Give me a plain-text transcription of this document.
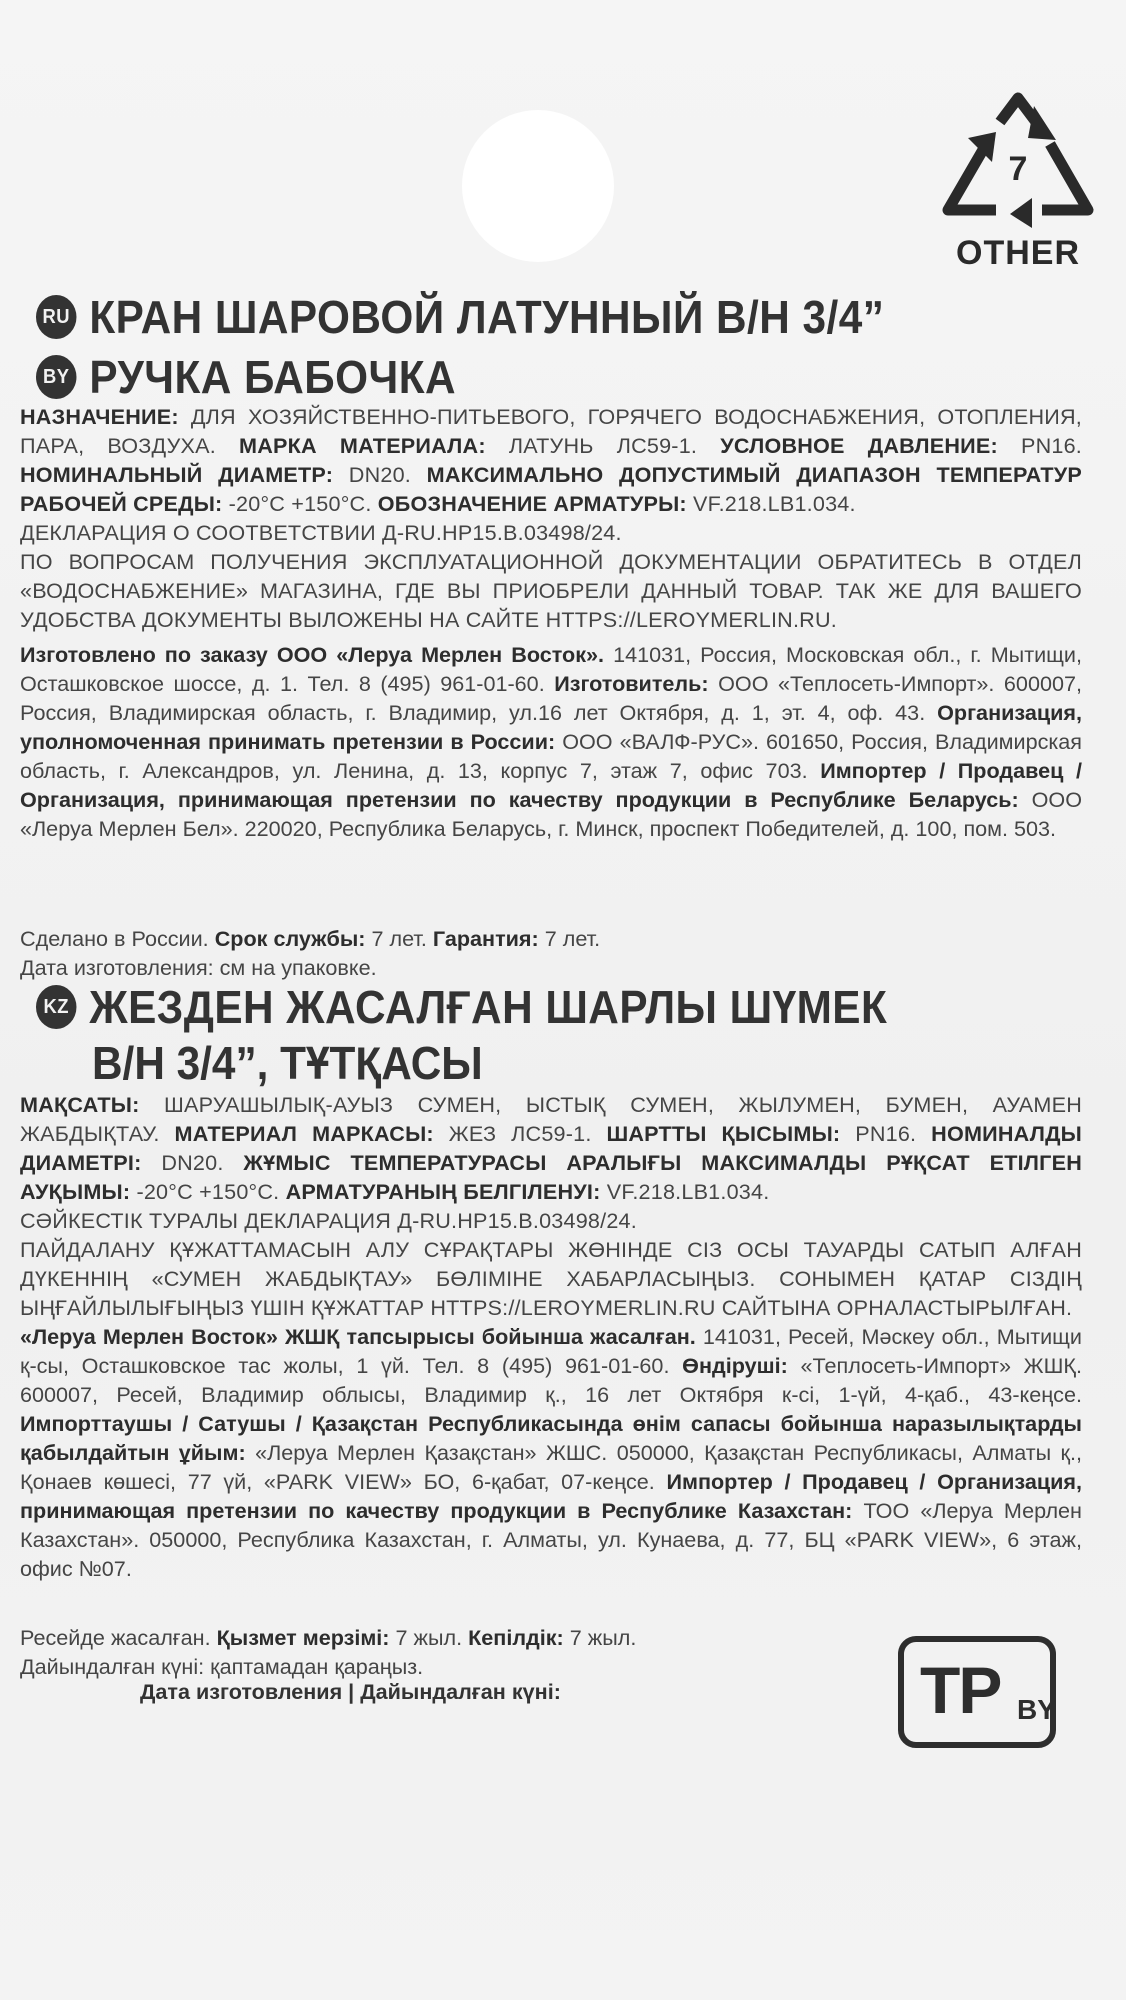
7
OTHER
RU КРАН ШАРОВОЙ ЛАТУННЫЙ В/Н 3/4”
BY РУЧКА БАБОЧКА
НАЗНАЧЕНИЕ: ДЛЯ ХОЗЯЙСТВЕННО-ПИТЬЕВОГО, ГОРЯЧЕГО ВОДОСНАБЖЕНИЯ, ОТОПЛЕНИЯ, ПАРА, ВОЗДУХА. МАРКА МАТЕРИАЛА: ЛАТУНЬ ЛС59-1. УСЛОВНОЕ ДАВЛЕНИЕ: PN16. НОМИНАЛЬНЫЙ ДИАМЕТР: DN20. МАКСИМАЛЬНО ДОПУСТИМЫЙ ДИАПАЗОН ТЕМПЕРАТУР РАБОЧЕЙ СРЕДЫ: -20°С +150°С. ОБОЗНАЧЕНИЕ АРМАТУРЫ: VF.218.LB1.034.
ДЕКЛАРАЦИЯ О СООТВЕТСТВИИ Д-RU.HP15.B.03498/24.

ПО ВОПРОСАМ ПОЛУЧЕНИЯ ЭКСПЛУАТАЦИОННОЙ ДОКУМЕНТАЦИИ ОБРАТИТЕСЬ В ОТДЕЛ «ВОДОСНАБЖЕНИЕ» МАГАЗИНА, ГДЕ ВЫ ПРИОБРЕЛИ ДАННЫЙ ТОВАР. ТАК ЖЕ ДЛЯ ВАШЕГО УДОБСТВА ДОКУМЕНТЫ ВЫЛОЖЕНЫ НА САЙТЕ HTTPS://LEROYMERLIN.RU.

Изготовлено по заказу ООО «Леруа Мерлен Восток». 141031, Россия, Московская обл., г. Мытищи, Осташковское шоссе, д. 1. Тел. 8 (495) 961-01-60. Изготовитель: ООО «Теплосеть-Импорт». 600007, Россия, Владимирская область, г. Владимир, ул.16 лет Октября, д. 1, эт. 4, оф. 43. Организация, уполномоченная принимать претензии в России: ООО «ВАЛФ-РУС». 601650, Россия, Владимирская область, г. Александров, ул. Ленина, д. 13, корпус 7, этаж 7, офис 703. Импортер / Продавец / Организация, принимающая претензии по качеству продукции в Республике Беларусь: ООО «Леруа Мерлен Бел». 220020, Республика Беларусь, г. Минск, проспект Победителей, д. 100, пом. 503.
Сделано в России. Срок службы: 7 лет. Гарантия: 7 лет.
Дата изготовления: см на упаковке.
KZ ЖЕЗДЕН ЖАСАЛҒАН ШАРЛЫ ШҮМЕК
В/Н 3/4”, ТҰТҚАСЫ
МАҚСАТЫ: ШАРУАШЫЛЫҚ-АУЫЗ СУМЕН, ЫСТЫҚ СУМЕН, ЖЫЛУМЕН, БУМЕН, АУАМЕН ЖАБДЫҚТАУ. МАТЕРИАЛ МАРКАСЫ: ЖЕЗ ЛС59-1. ШАРТТЫ ҚЫСЫМЫ: PN16. НОМИНАЛДЫ ДИАМЕТРІ: DN20. ЖҰМЫС ТЕМПЕРАТУРАСЫ АРАЛЫҒЫ МАКСИМАЛДЫ РҰҚСАТ ЕТІЛГЕН АУҚЫМЫ: -20°С +150°С. АРМАТУРАНЫҢ БЕЛГІЛЕНУІ: VF.218.LB1.034.
СӘЙКЕСТІК ТУРАЛЫ ДЕКЛАРАЦИЯ Д-RU.HP15.B.03498/24.

ПАЙДАЛАНУ ҚҰЖАТТАМАСЫН АЛУ СҰРАҚТАРЫ ЖӨНІНДЕ СІЗ ОСЫ ТАУАРДЫ САТЫП АЛҒАН ДҮКЕННІҢ «СУМЕН ЖАБДЫҚТАУ» БӨЛІМІНЕ ХАБАРЛАСЫҢЫЗ. СОНЫМЕН ҚАТАР СІЗДІҢ ЫҢҒАЙЛЫЛЫҒЫҢЫЗ ҮШІН ҚҰЖАТТАР HTTPS://LEROYMERLIN.RU САЙТЫНА ОРНАЛАСТЫРЫЛҒАН.

«Леруа Мерлен Восток» ЖШҚ тапсырысы бойынша жасалған. 141031, Ресей, Мәскеу обл., Мытищи қ-сы, Осташковское тас жолы, 1 үй. Тел. 8 (495) 961-01-60. Өндіруші: «Теплосеть-Импорт» ЖШҚ. 600007, Ресей, Владимир облысы, Владимир қ., 16 лет Октября к-сі, 1-үй, 4-қаб., 43-кеңсе. Импорттаушы / Сатушы / Қазақстан Республикасында өнім сапасы бойынша наразылықтарды қабылдайтын ұйым: «Леруа Мерлен Қазақстан» ЖШС. 050000, Қазақстан Республикасы, Алматы қ., Қонаев көшесі, 77 үй, «PARK VIEW» БО, 6-қабат, 07-кеңсе. Импортер / Продавец / Организация, принимающая претензии по качеству продукции в Республике Казахстан: ТОО «Леруа Мерлен Казахстан». 050000, Республика Казахстан, г. Алматы, ул. Кунаева, д. 77, БЦ «PARK VIEW», 6 этаж, офис №07.
Ресейде жасалған. Қызмет мерзімі: 7 жыл. Кепілдік: 7 жыл.
Дайындалған күні: қаптамадан қараңыз.
Дата изготовления | Дайындалған күні:	TP BY
